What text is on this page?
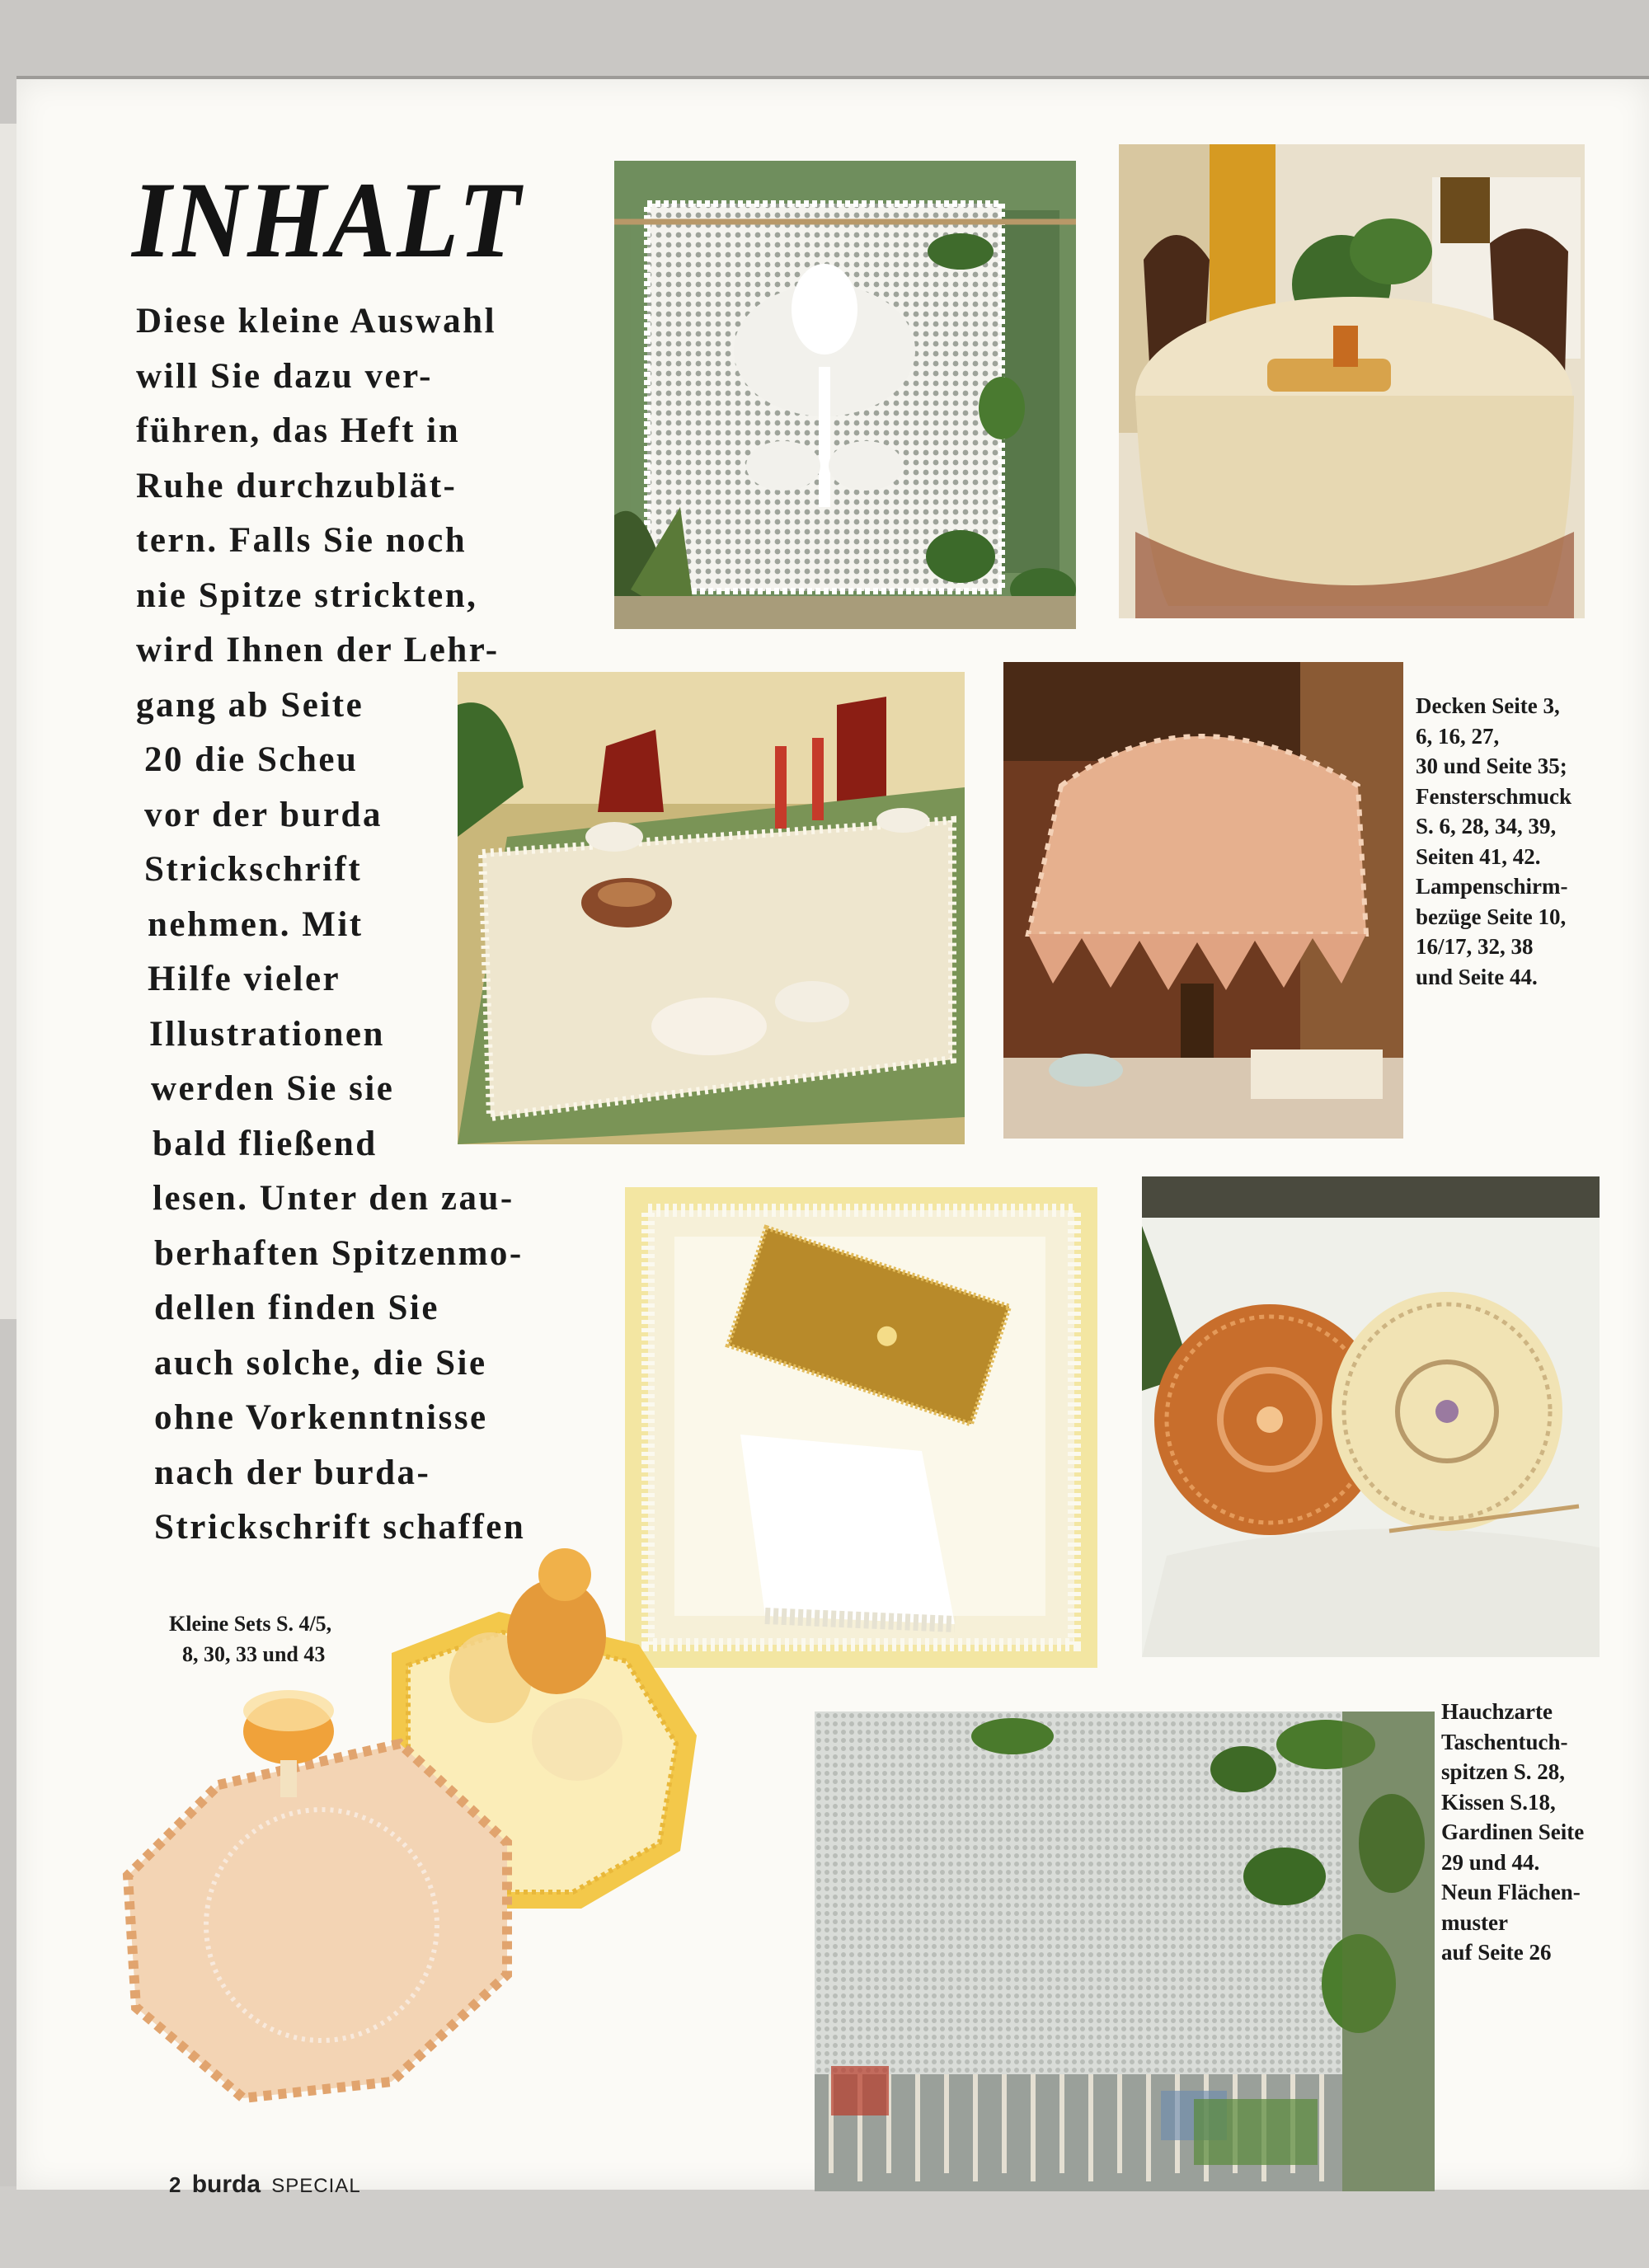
INHALT
Diese kleine Auswahl
will Sie dazu ver-
führen, das Heft in
Ruhe durchzublät-
tern. Falls Sie noch
nie Spitze strickten,
wird Ihnen der Lehr-
gang ab Seite
20 die Scheu
vor der burda
Strickschrift
nehmen. Mit
Hilfe vieler
Illustrationen
werden Sie sie
bald fließend
lesen. Unter den zau-
berhaften Spitzenmo-
dellen finden Sie
auch solche, die Sie
ohne Vorkenntnisse
nach der burda-
Strickschrift schaffen
Decken Seite 3,
6, 16, 27,
30 und Seite 35;
Fensterschmuck
S. 6, 28, 34, 39,
Seiten 41, 42.
Lampenschirm-
bezüge Seite 10,
16/17, 32, 38
und Seite 44.
Kleine Sets S. 4/5,
8, 30, 33 und 43
Hauchzarte
Taschentuch-
spitzen S. 28,
Kissen S.18,
Gardinen Seite
29 und 44.
Neun Flächen-
muster
auf Seite 26
2 burda SPECIAL
